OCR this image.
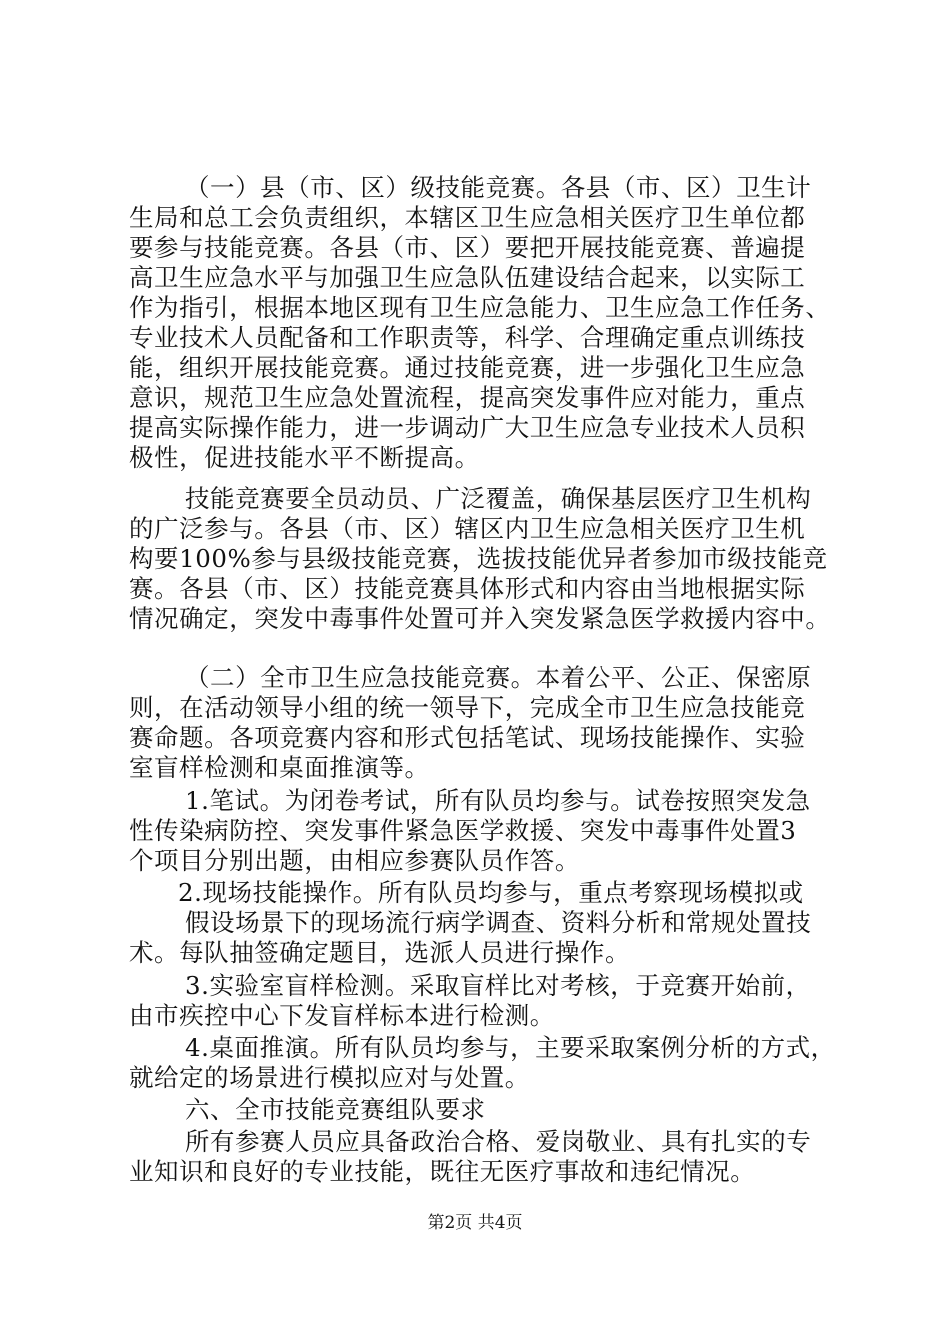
（一）县（市、区）级技能竞赛。各县（市、区）卫生计
生局和总工会负责组织，本辖区卫生应急相关医疗卫生单位都
要参与技能竞赛。各县（市、区）要把开展技能竞赛、普遍提
高卫生应急水平与加强卫生应急队伍建设结合起来，以实际工
作为指引，根据本地区现有卫生应急能力、卫生应急工作任务、
专业技术人员配备和工作职责等，科学、合理确定重点训练技
能，组织开展技能竞赛。通过技能竞赛，进一步强化卫生应急
意识，规范卫生应急处置流程，提高突发事件应对能力，重点
提高实际操作能力，进一步调动广大卫生应急专业技术人员积
极性，促进技能水平不断提高。
技能竞赛要全员动员、广泛覆盖，确保基层医疗卫生机构
的广泛参与。各县（市、区）辖区内卫生应急相关医疗卫生机
构要100%参与县级技能竞赛，选拔技能优异者参加市级技能竞
赛。各县（市、区）技能竞赛具体形式和内容由当地根据实际
情况确定，突发中毒事件处置可并入突发紧急医学救援内容中。
（二）全市卫生应急技能竞赛。本着公平、公正、保密原
则，在活动领导小组的统一领导下，完成全市卫生应急技能竞
赛命题。各项竞赛内容和形式包括笔试、现场技能操作、实验
室盲样检测和桌面推演等。
1.笔试。为闭卷考试，所有队员均参与。试卷按照突发急
性传染病防控、突发事件紧急医学救援、突发中毒事件处置3
个项目分别出题，由相应参赛队员作答。
2.现场技能操作。所有队员均参与，重点考察现场模拟或
假设场景下的现场流行病学调查、资料分析和常规处置技
术。每队抽签确定题目，选派人员进行操作。
3.实验室盲样检测。采取盲样比对考核，于竞赛开始前，
由市疾控中心下发盲样标本进行检测。
4.桌面推演。所有队员均参与，主要采取案例分析的方式，
就给定的场景进行模拟应对与处置。
六、全市技能竞赛组队要求
所有参赛人员应具备政治合格、爱岗敬业、具有扎实的专
业知识和良好的专业技能，既往无医疗事故和违纪情况。
第2页 共4页
